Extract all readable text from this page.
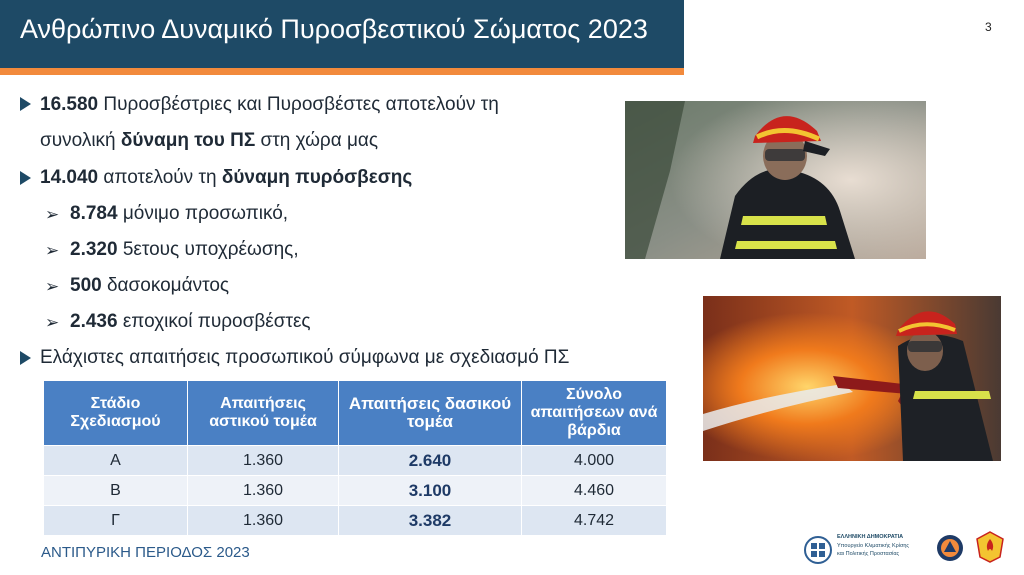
Ανθρώπινο Δυναμικό Πυροσβεστικού Σώματος 2023	3
16.580 Πυροσβέστριες και Πυροσβέστες αποτελούν τη
συνολική δύναμη του ΠΣ στη χώρα μας
14.040 αποτελούν τη δύναμη πυρόσβεσης
➢ 8.784 μόνιμο προσωπικό,
➢ 2.320 5ετους υποχρέωσης,
➢ 500 δασοκομάντος
➢ 2.436 εποχικοί πυροσβέστες
Ελάχιστες απαιτήσεις προσωπικού σύμφωνα με σχεδιασμό ΠΣ
Στάδιο Σχεδιασμού	Απαιτήσεις αστικού τομέα	Απαιτήσεις δασικού τομέα	Σύνολο απαιτήσεων ανά βάρδια
Α	1.360	2.640	4.000
Β	1.360	3.100	4.460
Γ	1.360	3.382	4.742
ΕΛΛΗΝΙΚΗ ΔΗΜΟΚΡΑΤΙΑ
Υπουργείο Κλιματικής Κρίσης
και Πολιτικής Προστασίας
ΑΝΤΙΠΥΡΙΚΗ ΠΕΡΙΟΔΟΣ 2023
